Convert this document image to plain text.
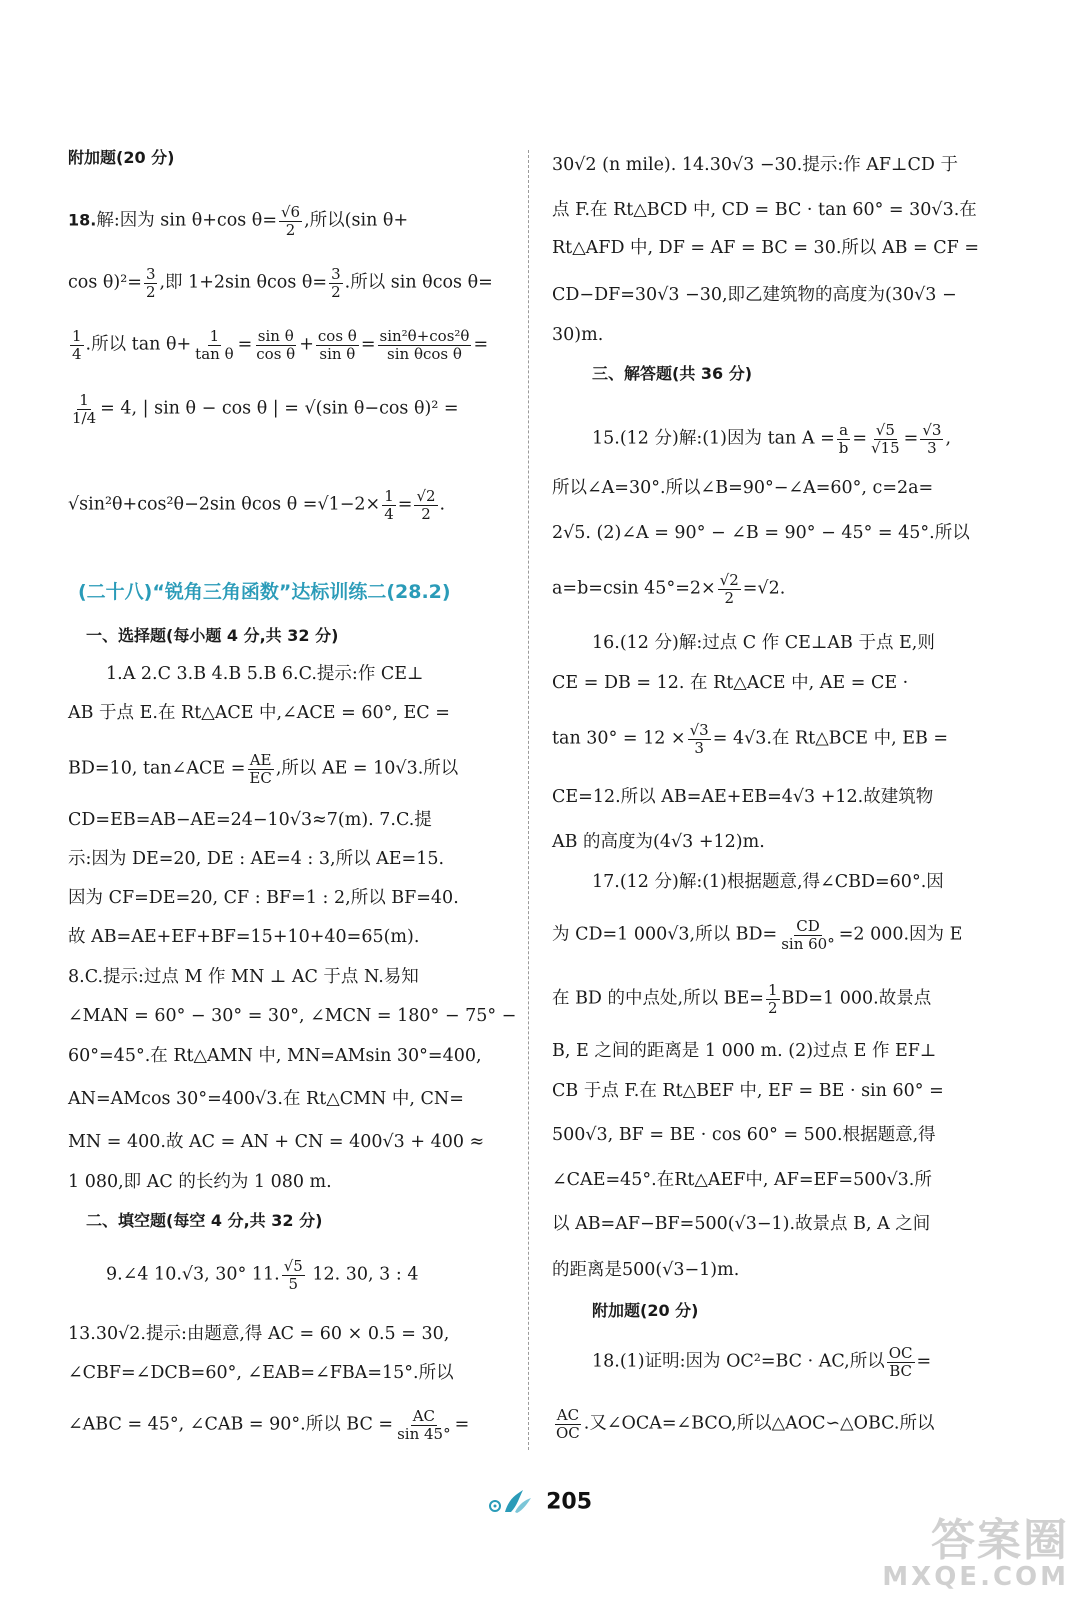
附加题(20 分)
18.解:因为 sin θ+cos $\theta= \frac{√6}{2}$ ,所以(sin θ+
$\cos \theta)^2= \frac{3}{2}$ ,即 1+2sin θcos $\theta= \frac{3}{2}$ .所以 sin θcos θ=
$\frac{1}{4}$ .所以 $\tan \theta+ \frac{1}{\text{tan θ}} = \frac{\text{sin θ}}{\text{cos θ}} + \frac{\text{cos θ}}{\text{sin θ}} = \frac{\text{sin²θ+cos²θ}}{\text{sin θcos θ}}$ =
$\frac{1}{1/4} = 4$, | sin θ − cos θ | = √(sin θ−cos θ)² =
√sin²θ+cos²θ−2sin θcos $\theta =√1-2\times \frac{1}{4} = \frac{√2}{2}$ .
(二十八)“锐角三角函数”达标训练二(28.2)
一、选择题(每小题 4 分,共 32 分)
1.A 2.C 3.B 4.B 5.B 6.C.提示:作 CE⊥
AB 于点 E.在 Rt△ACE 中,∠ACE = 60°, EC =
BD=10, tan∠ACE = $\frac{AE}{EC}$ ,所以 AE = 10√3.所以
CD=EB=AB−AE=24−10√3≈7(m). 7.C.提
示:因为 DE=20, DE : AE=4 : 3,所以 AE=15.
因为 CF=DE=20, CF : BF=1 : 2,所以 BF=40.
故 AB=AE+EF+BF=15+10+40=65(m).
8.C.提示:过点 M 作 MN ⊥ AC 于点 N.易知
∠MAN = 60° − 30° = 30°, ∠MCN = 180° − 75° −
60°=45°.在 Rt△AMN 中, MN=AMsin 30°=400,
AN=AMcos 30°=400√3.在 Rt△CMN 中, CN=
MN = 400.故 AC = AN + CN = 400√3 + 400 ≈
1 080,即 AC 的长约为 1 080 m.
二、填空题(每空 4 分,共 32 分)
9.∠4 10.√3, 30° 11. $\frac{√5}{5} 12$. 30, 3 : 4
13.30√2.提示:由题意,得 AC = 60 × 0.5 = 30,
∠CBF=∠DCB=60°, ∠EAB=∠FBA=15°.所以
∠ABC = 45°, ∠CAB = 90°.所以 BC = $\frac{AC}{\sin 45^\circ}$ =
30√2 (n mile). 14.30√3 −30.提示:作 AF⊥CD 于
点 F.在 Rt△BCD 中, CD = BC · tan 60° = 30√3.在
Rt△AFD 中, DF = AF = BC = 30.所以 AB = CF =
CD−DF=30√3 −30,即乙建筑物的高度为(30√3 −
30)m.
三、解答题(共 36 分)
15.(12 分)解:(1)因为 $\tan A = \frac{a}{b} = \frac{√5}{√15} = \frac{√3}{3}$ ,
所以∠A=30°.所以∠B=90°−∠A=60°, c=2a=
2√5. (2)∠A = 90° − ∠B = 90° − 45° = 45°.所以
a=b=csin $45^\circ=2\times \frac{√2}{2} =√2$.
16.(12 分)解:过点 C 作 CE⊥AB 于点 E,则
CE = DB = 12. 在 Rt△ACE 中, AE = CE ·
$\tan 30^\circ = 12 \times \frac{√3}{3} = 4√3$.在 Rt△BCE 中, EB =
CE=12.所以 AB=AE+EB=4√3 +12.故建筑物
AB 的高度为(4√3 +12)m.
17.(12 分)解:(1)根据题意,得∠CBD=60°.因
为 CD=1 000√3,所以 $BD= \frac{CD}{\sin 60^\circ} =2$ 000.因为 E
在 BD 的中点处,所以 $BE= \frac{1}{2} BD=1$ 000.故景点
B, E 之间的距离是 1 000 m. (2)过点 E 作 EF⊥
CB 于点 F.在 Rt△BEF 中, EF = BE · sin 60° =
500√3, BF = BE · cos 60° = 500.根据题意,得
∠CAE=45°.在Rt△AEF中, AF=EF=500√3.所
以 AB=AF−BF=500(√3−1).故景点 B, A 之间
的距离是500(√3−1)m.
附加题(20 分)
18.(1)证明:因为 OC²=BC · AC,所以 $\frac{OC}{BC}$ =
$\frac{AC}{OC}$ .又∠OCA=∠BCO,所以△AOC∽△OBC.所以
205
答案圈
MXQE.COM
